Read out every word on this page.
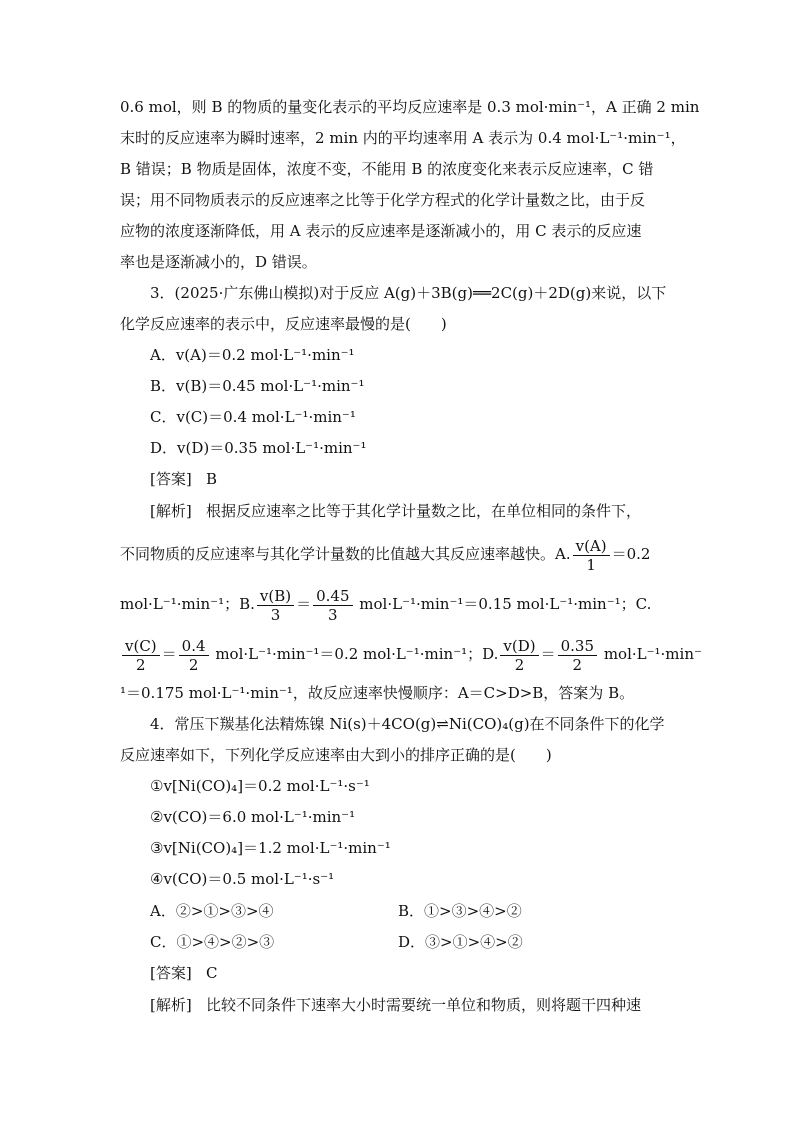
0.6 mol，则 B 的物质的量变化表示的平均反应速率是 0.3 mol·min⁻¹，A 正确 2 min
末时的反应速率为瞬时速率，2 min 内的平均速率用 A 表示为 0.4 mol·L⁻¹·min⁻¹，
B 错误；B 物质是固体，浓度不变，不能用 B 的浓度变化来表示反应速率，C 错
误；用不同物质表示的反应速率之比等于化学方程式的化学计量数之比，由于反
应物的浓度逐渐降低，用 A 表示的反应速率是逐渐减小的，用 C 表示的反应速
率也是逐渐减小的，D 错误。
3．(2025·广东佛山模拟)对于反应 A(g)＋3B(g)══2C(g)＋2D(g)来说，以下
化学反应速率的表示中，反应速率最慢的是(　　)
A．v(A)＝0.2 mol·L⁻¹·min⁻¹
B．v(B)＝0.45 mol·L⁻¹·min⁻¹
C．v(C)＝0.4 mol·L⁻¹·min⁻¹
D．v(D)＝0.35 mol·L⁻¹·min⁻¹
[答案] B
[解析] 根据反应速率之比等于其化学计量数之比，在单位相同的条件下，
不同物质的反应速率与其化学计量数的比值越大其反应速率越快。A. $\frac{v(A)}{1} =0.2$
mol·L⁻¹·min⁻¹；B. $\frac{v(B)}{3} = \frac{0.45}{3} mol\cdot L^{-1}\cdot\min^{-1}=0.15$ mol·L⁻¹·min⁻¹；C.
$\frac{v(C)}{2} = \frac{0.4}{2} mol\cdot L^{-1}\cdot\min^{-1}=0.2$ mol·L⁻¹·min⁻¹；D. $\frac{v(D)}{2} = \frac{0.35}{2} mol\cdot L^{-1}\cdot\min^-$
¹＝0.175 mol·L⁻¹·min⁻¹，故反应速率快慢顺序：A＝C>D>B，答案为 B。
4．常压下羰基化法精炼镍 Ni(s)＋4CO(g)⇌Ni(CO)₄(g)在不同条件下的化学
反应速率如下，下列化学反应速率由大到小的排序正确的是(　　)
①v[Ni(CO)₄]＝0.2 mol·L⁻¹·s⁻¹
②v(CO)＝6.0 mol·L⁻¹·min⁻¹
③v[Ni(CO)₄]＝1.2 mol·L⁻¹·min⁻¹
④v(CO)＝0.5 mol·L⁻¹·s⁻¹
A．②>①>③>④	B．①>③>④>②
C．①>④>②>③	D．③>①>④>②
[答案] C
[解析] 比较不同条件下速率大小时需要统一单位和物质，则将题干四种速
